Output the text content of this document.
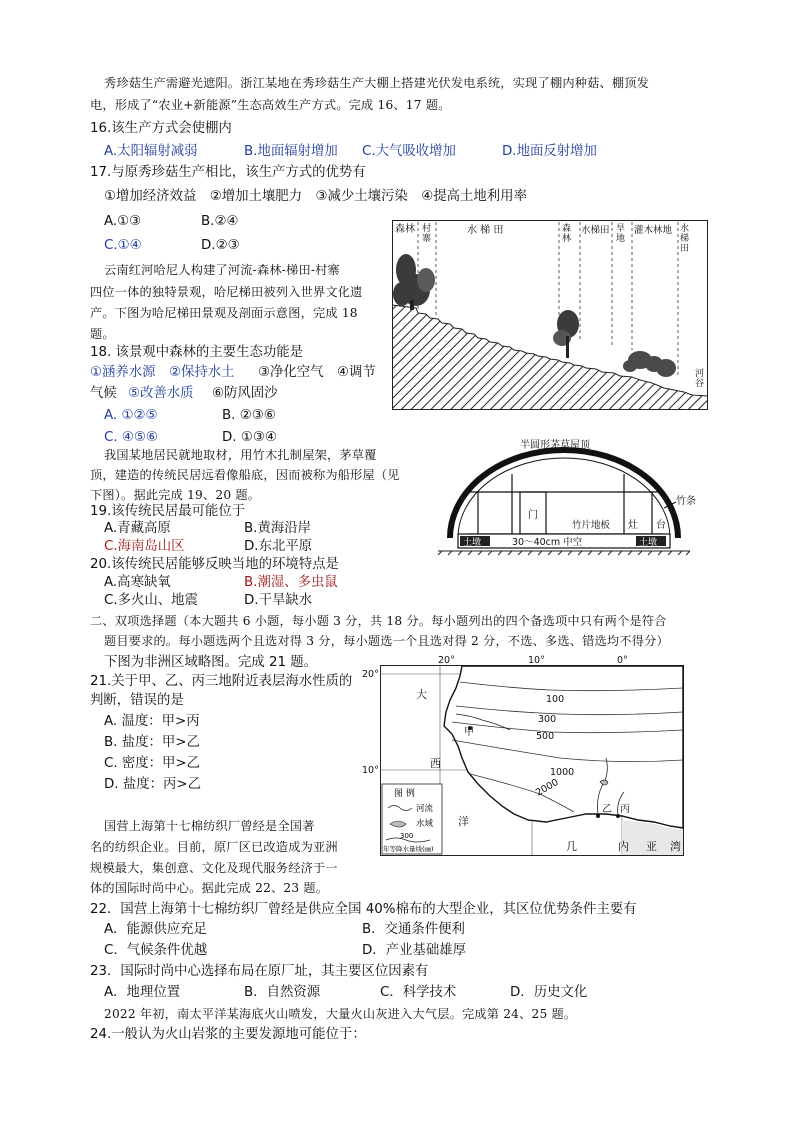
秀珍菇生产需避光遮阳。浙江某地在秀珍菇生产大棚上搭建光伏发电系统，实现了棚内种菇、棚顶发
电，形成了“农业+新能源”生态高效生产方式。完成 16、17 题。
16.该生产方式会使棚内
A.太阳辐射减弱	B.地面辐射增加 C.大气吸收增加	D.地面反射增加
17.与原秀珍菇生产相比，该生产方式的优势有
①增加经济效益　②增加土壤肥力　③减少土壤污染　④提高土地利用率
A.①③	B.②④
C.①④	D.②③
云南红河哈尼人构建了河流-森林-梯田-村寨
四位一体的独特景观，哈尼梯田被列入世界文化遗
产。下图为哈尼梯田景观及剖面示意图，完成 18
题。
18. 该景观中森林的主要生态功能是
①涵养水源　②保持水土 ③净化空气　④调节
气候 ⑤改善水质 ⑥防风固沙
A. ①②⑤	B. ②③⑥
C. ④⑤⑥	D. ①③④
我国某地居民就地取材，用竹木扎制屋架，茅草覆
顶，建造的传统民居远看像船底，因而被称为船形屋（见
下图）。据此完成 19、20 题。
19.该传统民居最可能位于
A.青藏高原	B.黄海沿岸
C.海南岛山区	D.东北平原
20.该传统民居能够反映当地的环境特点是
A.高寒缺氧	B.潮湿、多虫鼠
C.多火山、地震	D.干旱缺水
二、双项选择题（本大题共 6 小题，每小题 3 分，共 18 分。每小题列出的四个备选项中只有两个是符合
题目要求的。每小题选两个且选对得 3 分，每小题选一个且选对得 2 分，不选、多选、错选均不得分）
下图为非洲区域略图。完成 21 题。
21.关于甲、乙、丙三地附近表层海水性质的
判断，错误的是
A. 温度：甲>丙
B. 盐度：甲>乙
C. 密度：甲>乙
D. 盐度：丙>乙
国营上海第十七棉纺织厂曾经是全国著
名的纺织企业。目前，原厂区已改造成为亚洲
规模最大，集创意、文化及现代服务经济于一
体的国际时尚中心。据此完成 22、23 题。
22．国营上海第十七棉纺织厂曾经是供应全国 40%棉布的大型企业，其区位优势条件主要有
A．能源供应充足	B．交通条件便利
C．气候条件优越	D．产业基础雄厚
23．国际时尚中心选择布局在原厂址，其主要区位因素有
A．地理位置	B．自然资源	C．科学技术	D．历史文化
2022 年初，南太平洋某海底火山喷发，大量火山灰进入大气层。完成第 24、25 题。
24.一般认为火山岩浆的主要发源地可能位于：
森林 村 寨
水 梯 田	森 林
水梯田 旱 地
灌木林地 水 梯 田
河 谷
半圆形茅草屋顶
竹条
门
竹片地板 灶 台
土墩	30～40cm 中空	土墩
20°	10°	0°
20°
10°
大
西
洋
几	内 亚 湾
100
300
500
1000
2000
甲
乙 丙
图 例
河流
水域
300
年等降水量线(㎜)
